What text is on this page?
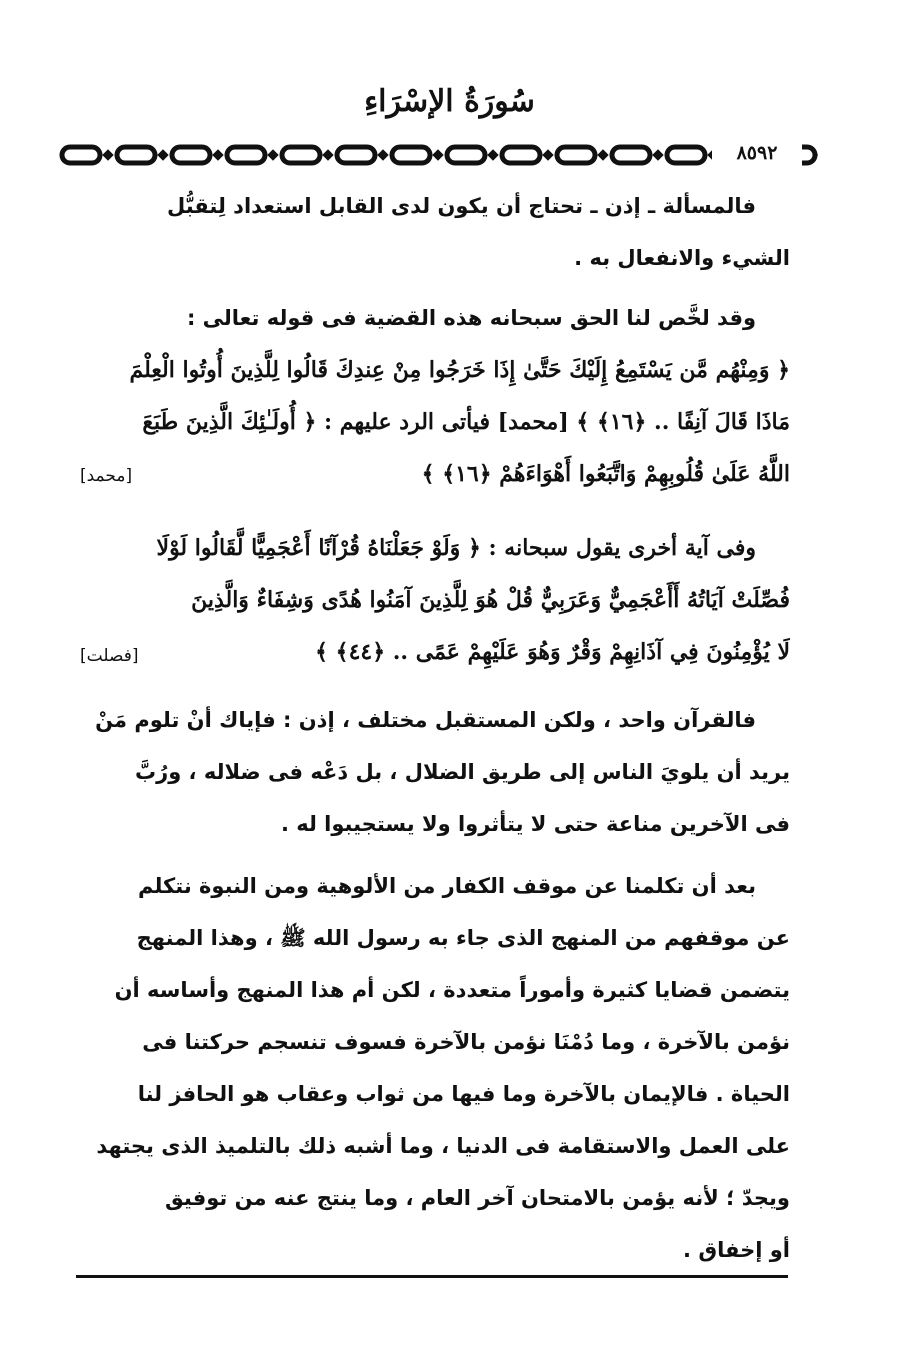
سُورَةُ الإسْرَاءِ
٨٥٩٢
فالمسألة ـ إذن ـ تحتاج أن يكون لدى القابل استعداد لِتقبُّل
الشيء والانفعال به .
وقد لخَّص لنا الحق سبحانه هذه القضية فى قوله تعالى :
﴿ وَمِنْهُم مَّن يَسْتَمِعُ إِلَيْكَ حَتَّىٰ إِذَا خَرَجُوا مِنْ عِندِكَ قَالُوا لِلَّذِينَ أُوتُوا الْعِلْمَ
مَاذَا قَالَ آنِفًا .. ﴿١٦﴾ ﴾ [محمد] فيأتى الرد عليهم : ﴿ أُولَـٰئِكَ الَّذِينَ طَبَعَ
اللَّهُ عَلَىٰ قُلُوبِهِمْ وَاتَّبَعُوا أَهْوَاءَهُمْ ﴿١٦﴾ ﴾
[محمد]
وفى آية أخرى يقول سبحانه : ﴿ وَلَوْ جَعَلْنَاهُ قُرْآنًا أَعْجَمِيًّا لَّقَالُوا لَوْلَا
فُصِّلَتْ آيَاتُهُ أَأَعْجَمِيٌّ وَعَرَبِيٌّ قُلْ هُوَ لِلَّذِينَ آمَنُوا هُدًى وَشِفَاءٌ وَالَّذِينَ
لَا يُؤْمِنُونَ فِي آذَانِهِمْ وَقْرٌ وَهُوَ عَلَيْهِمْ عَمًى .. ﴿٤٤﴾ ﴾
[فصلت]
فالقرآن واحد ، ولكن المستقبل مختلف ، إذن : فإياك أنْ تلوم مَنْ
يريد أن يلويَ الناس إلى طريق الضلال ، بل دَعْه فى ضلاله ، ورُبَّ
فى الآخرين مناعة حتى لا يتأثروا ولا يستجيبوا له .
بعد أن تكلمنا عن موقف الكفار من الألوهية ومن النبوة نتكلم
عن موقفهم من المنهج الذى جاء به رسول الله ﷺ ، وهذا المنهج
يتضمن قضايا كثيرة وأموراً متعددة ، لكن أم هذا المنهج وأساسه أن
نؤمن بالآخرة ، وما دُمْنَا نؤمن بالآخرة فسوف تنسجم حركتنا فى
الحياة . فالإيمان بالآخرة وما فيها من ثواب وعقاب هو الحافز لنا
على العمل والاستقامة فى الدنيا ، وما أشبه ذلك بالتلميذ الذى يجتهد
ويجدّ ؛ لأنه يؤمن بالامتحان آخر العام ، وما ينتج عنه من توفيق
أو إخفاق .
